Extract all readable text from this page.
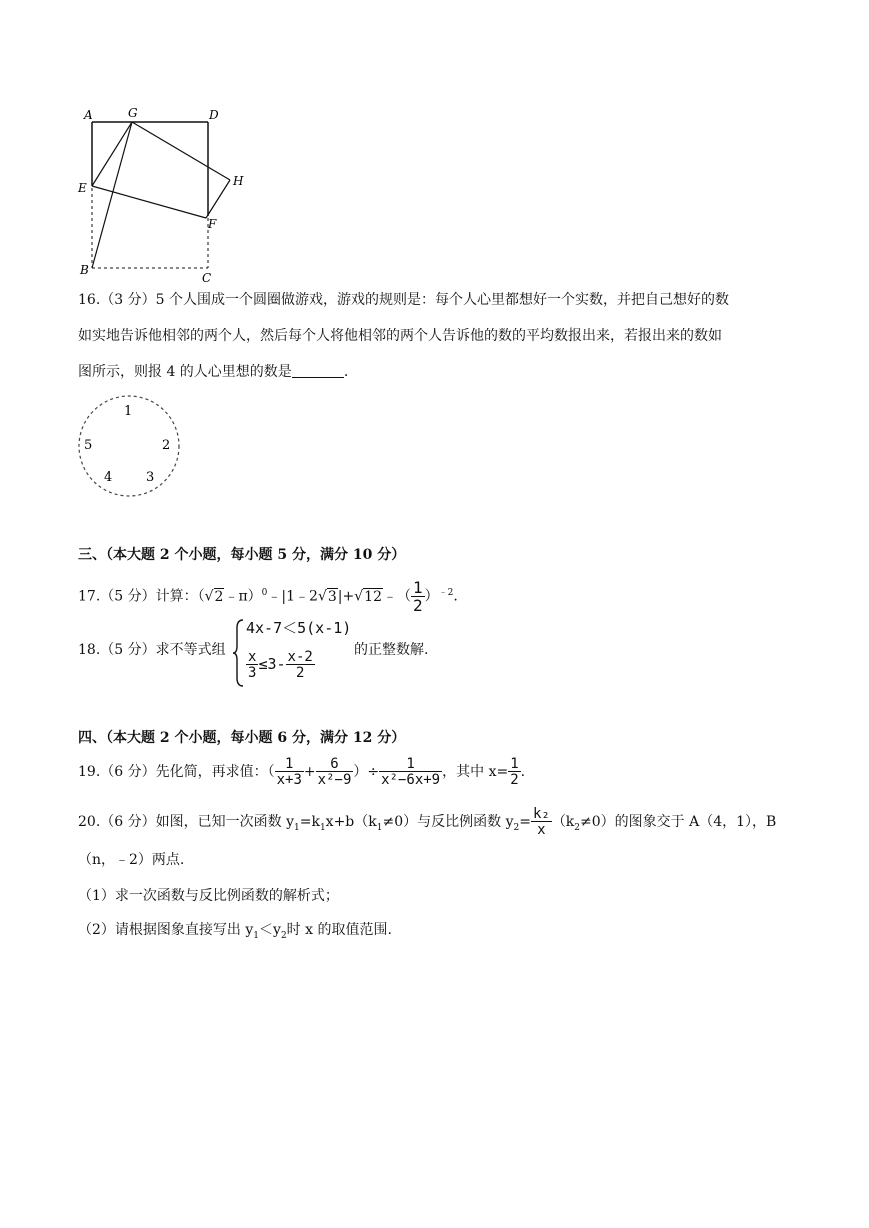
A	G	D
E	H
F
B
C
16.（3 分）5 个人围成一个圆圈做游戏，游戏的规则是：每个人心里都想好一个实数，并把自己想好的数
如实地告诉他相邻的两个人，然后每个人将他相邻的两个人告诉他的数的平均数报出来，若报出来的数如
图所示，则报 4 的人心里想的数是	.
1
2
3
4
5
三、（本大题 2 个小题，每小题 5 分，满分 10 分）
17.（5 分）计算：（√2﹣π）$^0$﹣|1﹣2√3|+√12﹣（ $\frac{1}{2} )^{﹣2}$.
18.（5 分）求不等式组
4x-7＜5(x-1)
$\frac{x}{3} \le 3- \frac{x-2}{2}$	的正整数解.
四、（本大题 2 个小题，每小题 6 分，满分 12 分）
19.（6 分）先化简，再求值：（ $\frac{1}{x+3} + \frac{6}{\text{x²−9}}$ ）÷ $\frac{1}{\text{x²−6x+9}}$ ，其中 $x= \frac{1}{2}$ .
20.（6 分）如图，已知一次函数 $y_1=k_1x+b(k_1\ne 0)$与反比例函数 $y_2= \frac{\text{k₂}}{x} (k_2\ne 0)$的图象交于 A（4，1），B
（n，﹣2）两点.
（1）求一次函数与反比例函数的解析式；
（2）请根据图象直接写出 $y_1<y_2$时 x 的取值范围.
